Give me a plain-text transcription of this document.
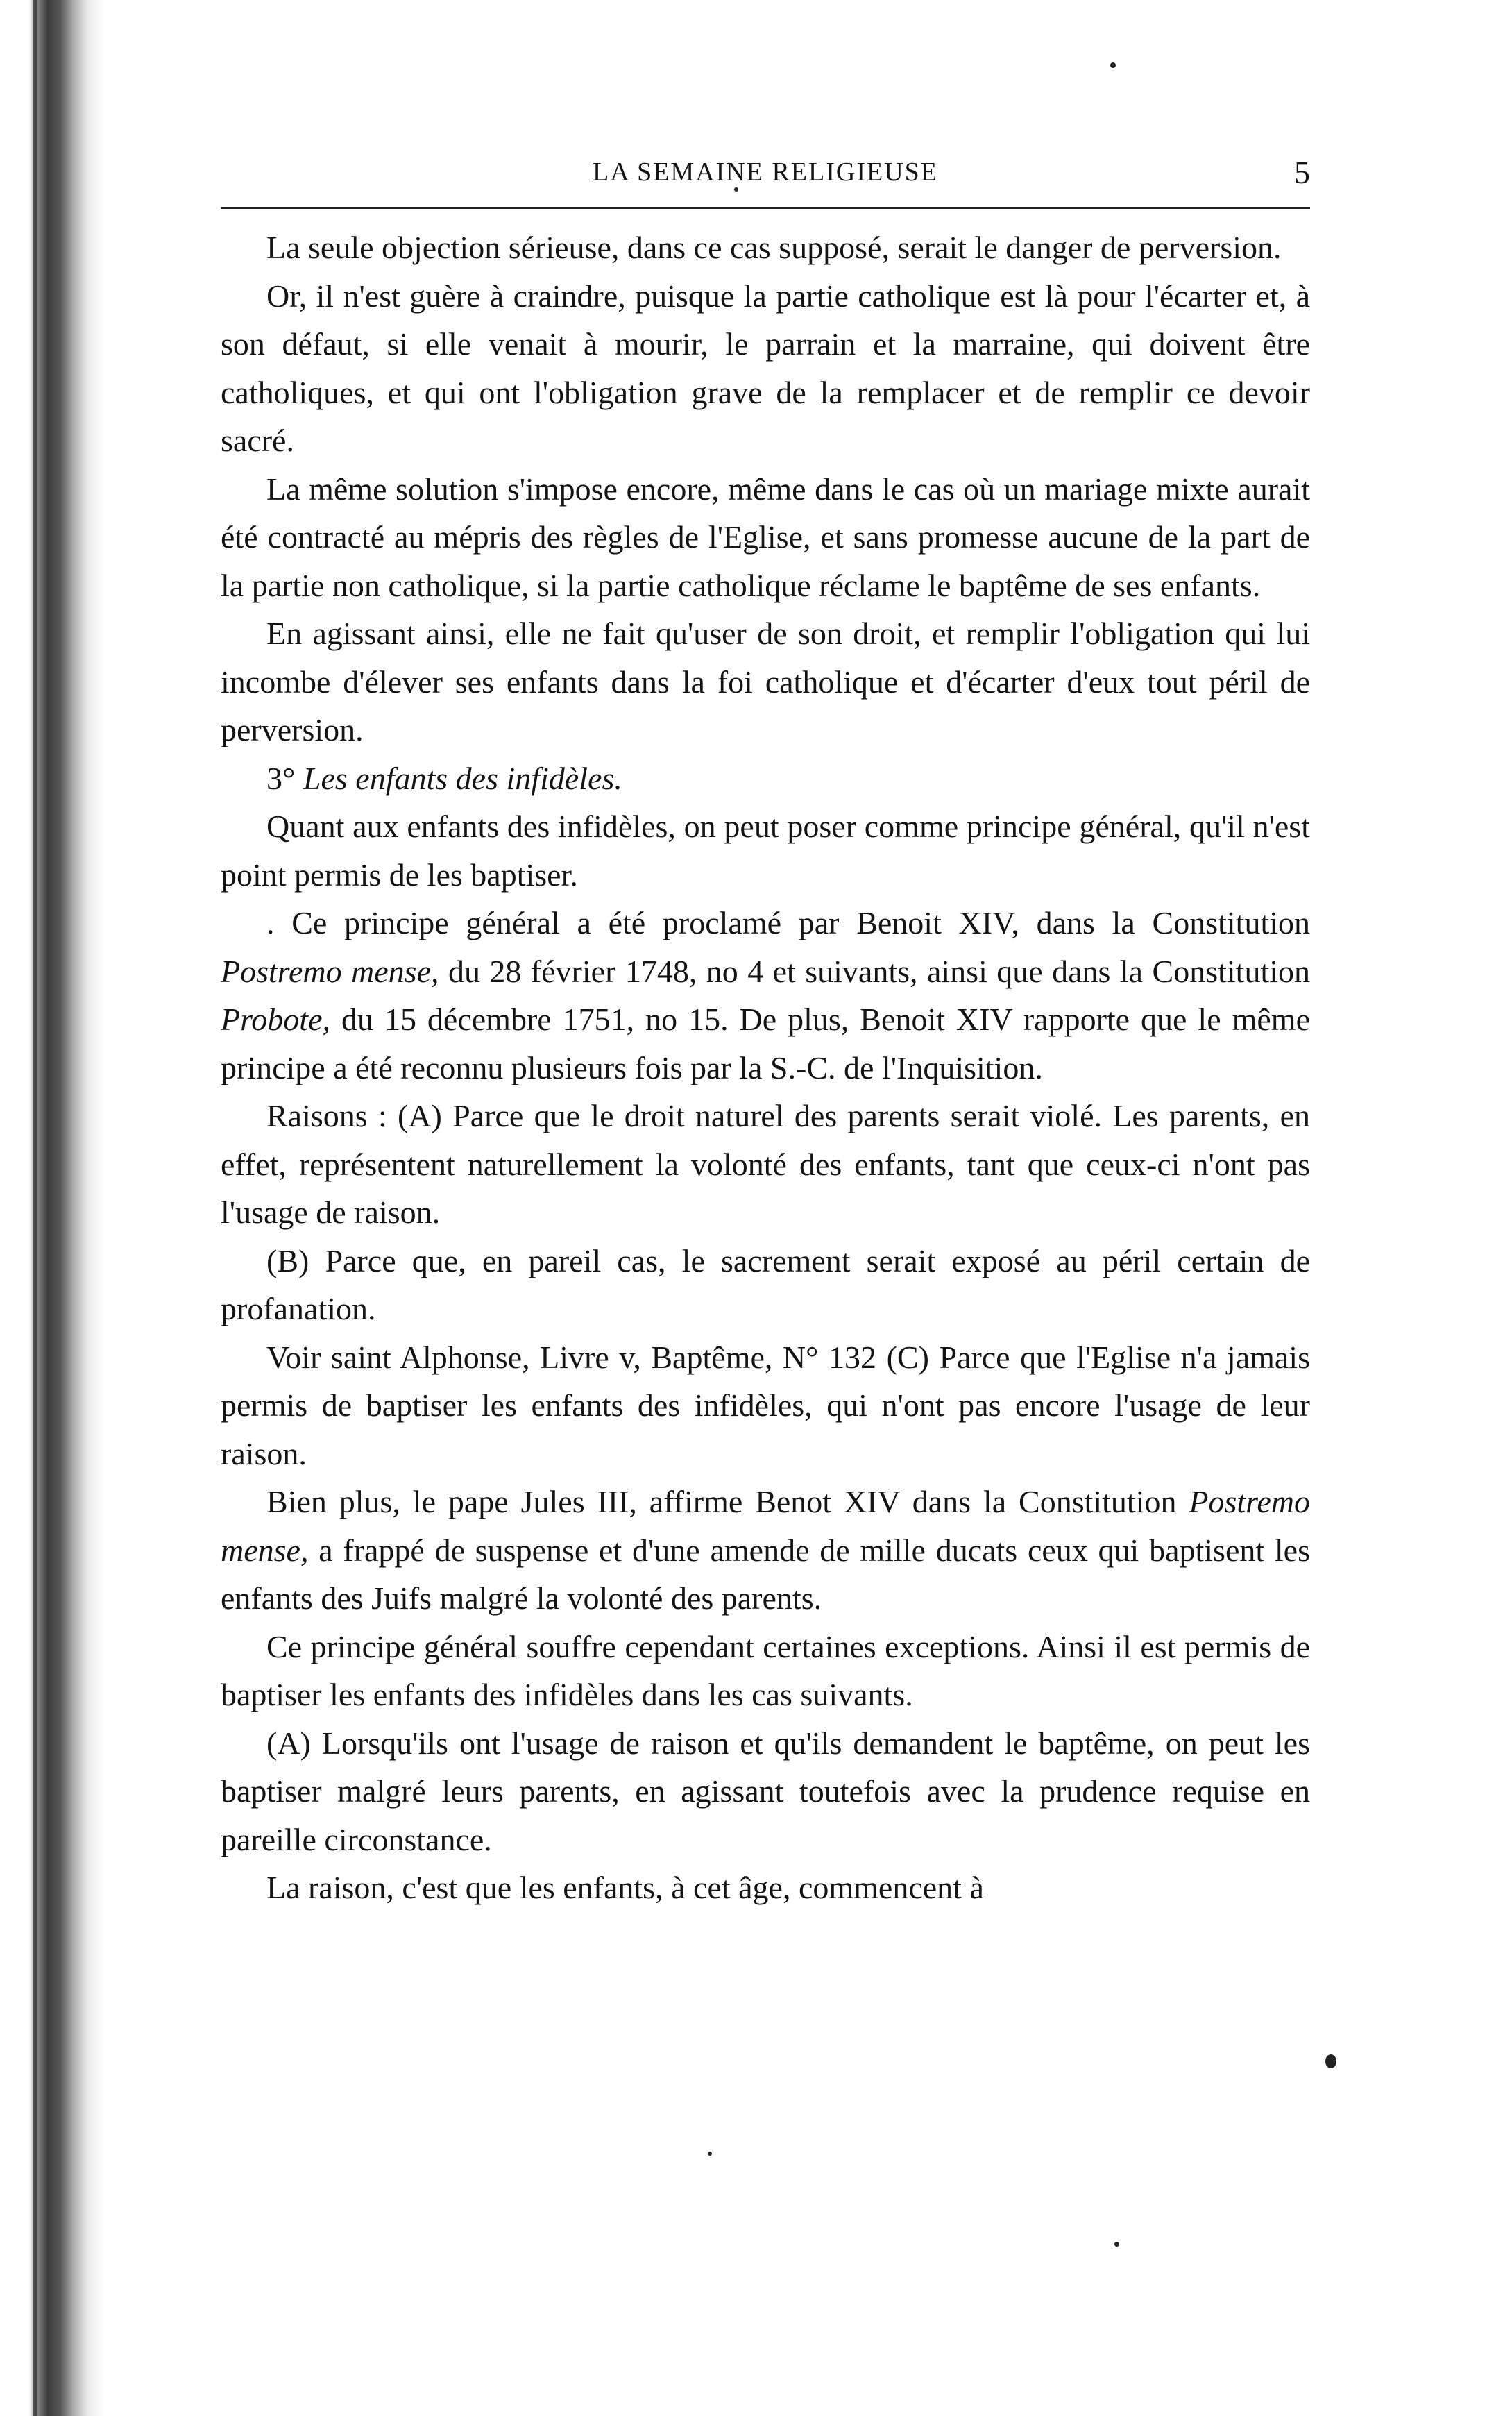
LA SEMAINE RELIGIEUSE	5

La seule objection sérieuse, dans ce cas supposé, serait le danger de perversion.

Or, il n'est guère à craindre, puisque la partie catholique est là pour l'écarter et, à son défaut, si elle venait à mourir, le parrain et la marraine, qui doivent être catholiques, et qui ont l'obligation grave de la remplacer et de remplir ce devoir sacré.

La même solution s'impose encore, même dans le cas où un mariage mixte aurait été contracté au mépris des règles de l'Eglise, et sans promesse aucune de la part de la partie non catholique, si la partie catholique réclame le baptême de ses enfants.

En agissant ainsi, elle ne fait qu'user de son droit, et remplir l'obligation qui lui incombe d'élever ses enfants dans la foi catholique et d'écarter d'eux tout péril de perversion.

3° Les enfants des infidèles.

Quant aux enfants des infidèles, on peut poser comme principe général, qu'il n'est point permis de les baptiser.

. Ce principe général a été proclamé par Benoit XIV, dans la Constitution Postremo mense, du 28 février 1748, no 4 et suivants, ainsi que dans la Constitution Probote, du 15 décembre 1751, no 15. De plus, Benoit XIV rapporte que le même principe a été reconnu plusieurs fois par la S.-C. de l'Inquisition.

Raisons : (A) Parce que le droit naturel des parents serait violé. Les parents, en effet, représentent naturellement la volonté des enfants, tant que ceux-ci n'ont pas l'usage de raison.

(B) Parce que, en pareil cas, le sacrement serait exposé au péril certain de profanation.

Voir saint Alphonse, Livre v, Baptême, N° 132 (C) Parce que l'Eglise n'a jamais permis de baptiser les enfants des infidèles, qui n'ont pas encore l'usage de leur raison.

Bien plus, le pape Jules III, affirme Benot XIV dans la Constitution Postremo mense, a frappé de suspense et d'une amende de mille ducats ceux qui baptisent les enfants des Juifs malgré la volonté des parents.

Ce principe général souffre cependant certaines exceptions. Ainsi il est permis de baptiser les enfants des infidèles dans les cas suivants.

(A) Lorsqu'ils ont l'usage de raison et qu'ils demandent le baptême, on peut les baptiser malgré leurs parents, en agissant toutefois avec la prudence requise en pareille circonstance.

La raison, c'est que les enfants, à cet âge, commencent à
